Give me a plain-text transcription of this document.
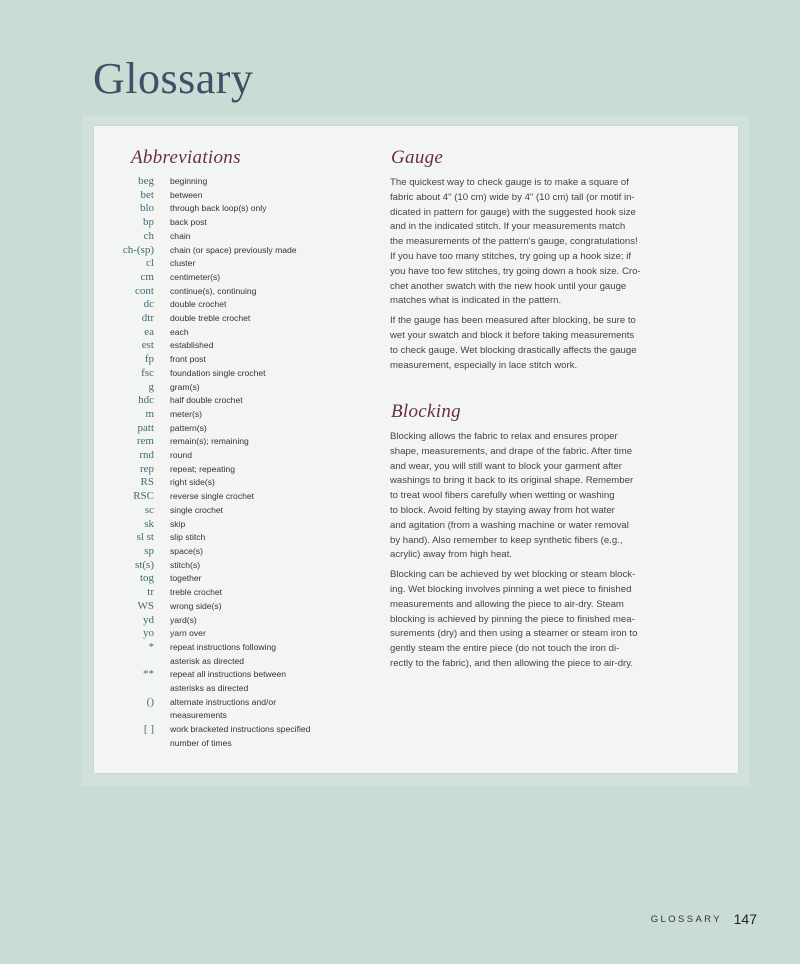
Glossary
Abbreviations
beg	beginning
bet	between
blo	through back loop(s) only
bp	back post
ch	chain
ch-(sp)	chain (or space) previously made
cl	cluster
cm	centimeter(s)
cont	continue(s), continuing
dc	double crochet
dtr	double treble crochet
ea	each
est	established
fp	front post
fsc	foundation single crochet
g	gram(s)
hdc	half double crochet
m	meter(s)
patt	pattern(s)
rem	remain(s); remaining
rnd	round
rep	repeat; repeating
RS	right side(s)
RSC	reverse single crochet
sc	single crochet
sk	skip
sl st	slip stitch
sp	space(s)
st(s)	stitch(s)
tog	together
tr	treble crochet
WS	wrong side(s)
yd	yard(s)
yo	yarn over
*	repeat instructions following
asterisk as directed
**	repeat all instructions between
asterisks as directed
()	alternate instructions and/or
measurements
[ ]	work bracketed instructions specified
number of times
Gauge

The quickest way to check gauge is to make a square of
fabric about 4" (10 cm) wide by 4" (10 cm) tall (or motif in-
dicated in pattern for gauge) with the suggested hook size
and in the indicated stitch. If your measurements match
the measurements of the pattern's gauge, congratulations!
If you have too many stitches, try going up a hook size; if
you have too few stitches, try going down a hook size. Cro-
chet another swatch with the new hook until your gauge
matches what is indicated in the pattern.

If the gauge has been measured after blocking, be sure to
wet your swatch and block it before taking measurements
to check gauge. Wet blocking drastically affects the gauge
measurement, especially in lace stitch work.

Blocking

Blocking allows the fabric to relax and ensures proper
shape, measurements, and drape of the fabric. After time
and wear, you will still want to block your garment after
washings to bring it back to its original shape. Remember
to treat wool fibers carefully when wetting or washing
to block. Avoid felting by staying away from hot water
and agitation (from a washing machine or water removal
by hand). Also remember to keep synthetic fibers (e.g.,
acrylic) away from high heat.

Blocking can be achieved by wet blocking or steam block-
ing. Wet blocking involves pinning a wet piece to finished
measurements and allowing the piece to air-dry. Steam
blocking is achieved by pinning the piece to finished mea-
surements (dry) and then using a steamer or steam iron to
gently steam the entire piece (do not touch the iron di-
rectly to the fabric), and then allowing the piece to air-dry.

GLOSSARY 147
